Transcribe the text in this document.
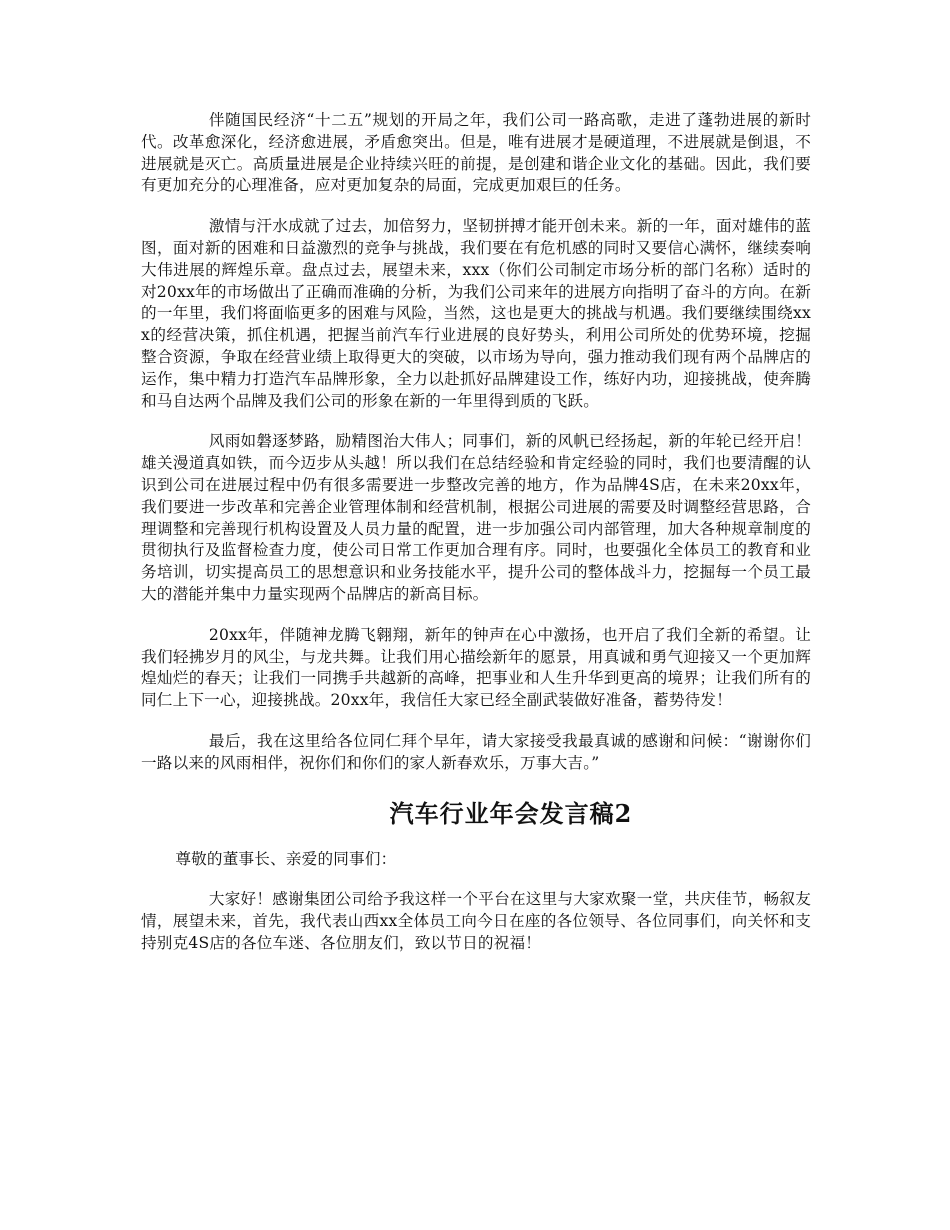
伴随国民经济“十二五”规划的开局之年，我们公司一路高歌，走进了蓬勃进展的新时代。改革愈深化，经济愈进展，矛盾愈突出。但是，唯有进展才是硬道理，不进展就是倒退，不进展就是灭亡。高质量进展是企业持续兴旺的前提，是创建和谐企业文化的基础。因此，我们要有更加充分的心理准备，应对更加复杂的局面，完成更加艰巨的任务。

激情与汗水成就了过去，加倍努力，坚韧拼搏才能开创未来。新的一年，面对雄伟的蓝图，面对新的困难和日益激烈的竞争与挑战，我们要在有危机感的同时又要信心满怀，继续奏响大伟进展的辉煌乐章。盘点过去，展望未来，xxx（你们公司制定市场分析的部门名称）适时的对20xx年的市场做出了正确而准确的分析，为我们公司来年的进展方向指明了奋斗的方向。在新的一年里，我们将面临更多的困难与风险，当然，这也是更大的挑战与机遇。我们要继续围绕xxx的经营决策，抓住机遇，把握当前汽车行业进展的良好势头，利用公司所处的优势环境，挖掘整合资源，争取在经营业绩上取得更大的突破，以市场为导向，强力推动我们现有两个品牌店的运作，集中精力打造汽车品牌形象，全力以赴抓好品牌建设工作，练好内功，迎接挑战，使奔腾和马自达两个品牌及我们公司的形象在新的一年里得到质的飞跃。

风雨如磐逐梦路，励精图治大伟人；同事们，新的风帆已经扬起，新的年轮已经开启！雄关漫道真如铁，而今迈步从头越！所以我们在总结经验和肯定经验的同时，我们也要清醒的认识到公司在进展过程中仍有很多需要进一步整改完善的地方，作为品牌4S店，在未来20xx年，我们要进一步改革和完善企业管理体制和经营机制，根据公司进展的需要及时调整经营思路，合理调整和完善现行机构设置及人员力量的配置，进一步加强公司内部管理，加大各种规章制度的贯彻执行及监督检查力度，使公司日常工作更加合理有序。同时，也要强化全体员工的教育和业务培训，切实提高员工的思想意识和业务技能水平，提升公司的整体战斗力，挖掘每一个员工最大的潜能并集中力量实现两个品牌店的新高目标。

20xx年，伴随神龙腾飞翱翔，新年的钟声在心中激扬，也开启了我们全新的希望。让我们轻拂岁月的风尘，与龙共舞。让我们用心描绘新年的愿景，用真诚和勇气迎接又一个更加辉煌灿烂的春天；让我们一同携手共越新的高峰，把事业和人生升华到更高的境界；让我们所有的同仁上下一心，迎接挑战。20xx年，我信任大家已经全副武装做好准备，蓄势待发！

最后，我在这里给各位同仁拜个早年，请大家接受我最真诚的感谢和问候：“谢谢你们一路以来的风雨相伴，祝你们和你们的家人新春欢乐，万事大吉。”

汽车行业年会发言稿2

尊敬的董事长、亲爱的同事们：

大家好！感谢集团公司给予我这样一个平台在这里与大家欢聚一堂，共庆佳节，畅叙友情，展望未来，首先，我代表山西xx全体员工向今日在座的各位领导、各位同事们，向关怀和支持别克4S店的各位车迷、各位朋友们，致以节日的祝福！
